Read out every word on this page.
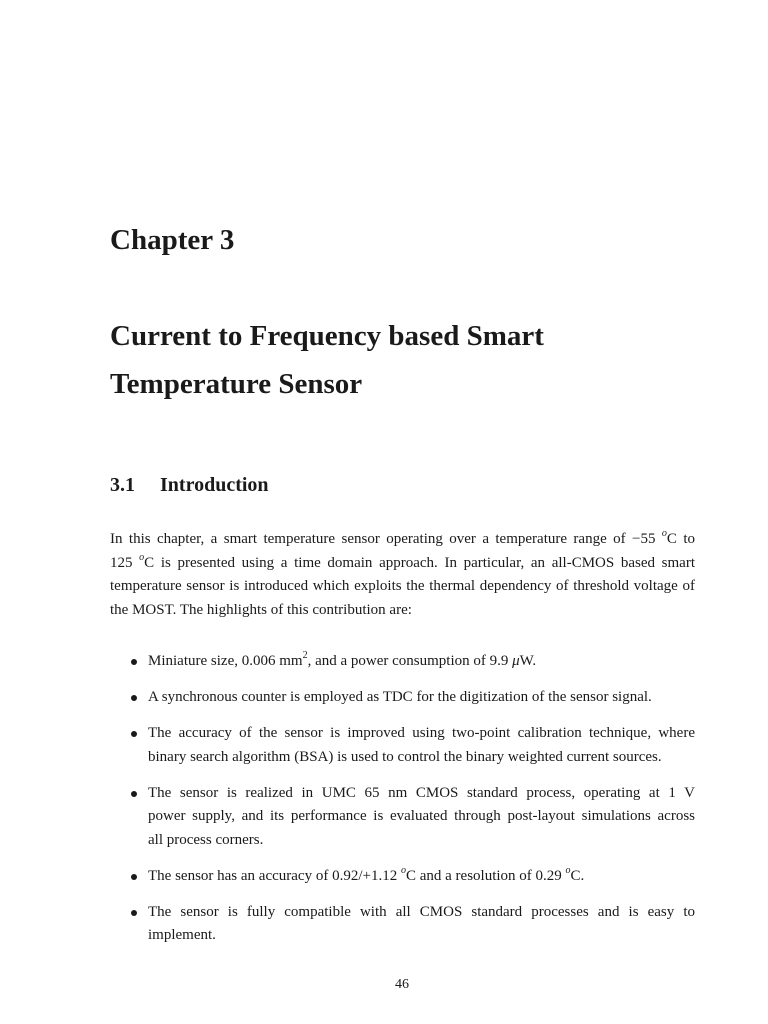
Chapter 3
Current to Frequency based Smart
Temperature Sensor
3.1 Introduction
In this chapter, a smart temperature sensor operating over a temperature range of −55 $^o$C to
125 $^o$C is presented using a time domain approach. In particular, an all-CMOS based smart
temperature sensor is introduced which exploits the thermal dependency of threshold voltage of
the MOST. The highlights of this contribution are:
Miniature size, 0.006 $mm^2$, and a power consumption of 9.9 μW.
A synchronous counter is employed as TDC for the digitization of the sensor signal.
The accuracy of the sensor is improved using two-point calibration technique, where
binary search algorithm (BSA) is used to control the binary weighted current sources.
The sensor is realized in UMC 65 nm CMOS standard process, operating at 1 V
power supply, and its performance is evaluated through post-layout simulations across
all process corners.
The sensor has an accuracy of 0.92/+1.12 $^o$C and a resolution of 0.29 $^o$C.
The sensor is fully compatible with all CMOS standard processes and is easy to
implement.
46
